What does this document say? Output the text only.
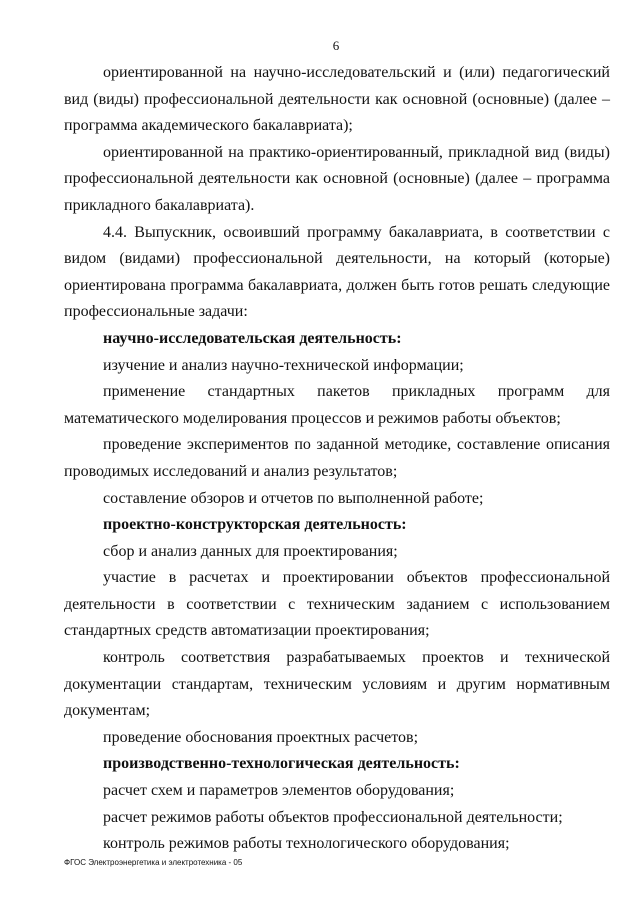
6

ориентированной на научно-исследовательский и (или) педагогический вид (виды) профессиональной деятельности как основной (основные) (далее – программа академического бакалавриата);

ориентированной на практико-ориентированный, прикладной вид (виды) профессиональной деятельности как основной (основные) (далее – программа прикладного бакалавриата).

4.4. Выпускник, освоивший программу бакалавриата, в соответствии с видом (видами) профессиональной деятельности, на который (которые) ориентирована программа бакалавриата, должен быть готов решать следующие профессиональные задачи:

научно-исследовательская деятельность:

изучение и анализ научно-технической информации;

применение стандартных пакетов прикладных программ для математического моделирования процессов и режимов работы объектов;

проведение экспериментов по заданной методике, составление описания проводимых исследований и анализ результатов;

составление обзоров и отчетов по выполненной работе;

проектно-конструкторская деятельность:

сбор и анализ данных для проектирования;

участие в расчетах и проектировании объектов профессиональной деятельности в соответствии с техническим заданием с использованием стандартных средств автоматизации проектирования;

контроль соответствия разрабатываемых проектов и технической документации стандартам, техническим условиям и другим нормативным документам;

проведение обоснования проектных расчетов;

производственно-технологическая деятельность:

расчет схем и параметров элементов оборудования;

расчет режимов работы объектов профессиональной деятельности;

контроль режимов работы технологического оборудования;

ФГОС Электроэнергетика и электротехника - 05
